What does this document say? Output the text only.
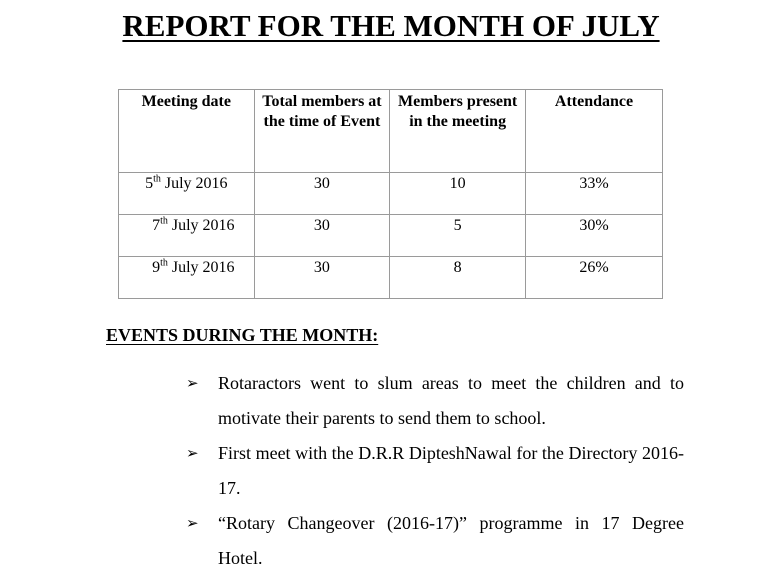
REPORT FOR THE MONTH OF JULY
Meeting date	Total members at the time of Event	Members present in the meeting	Attendance
5th July 2016	30	10	33%
7th July 2016	30	5	30%
9th July 2016	30	8	26%
EVENTS DURING THE MONTH:
➢ Rotaractors went to slum areas to meet the children and to motivate their parents to send them to school.
➢ First meet with the D.R.R DipteshNawal for the Directory 2016-17.
➢ “Rotary Changeover (2016-17)” programme in 17 Degree Hotel.
